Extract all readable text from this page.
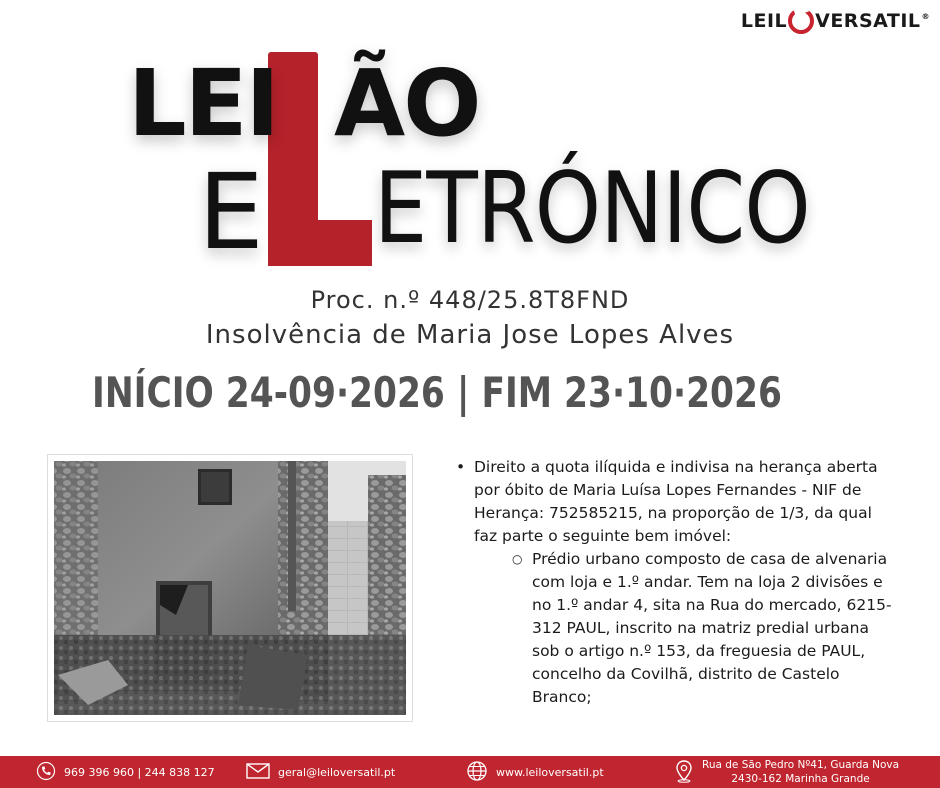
LEIL VERSATIL ®
LEI ÃO
E ETRÓNICO
Proc. n.º 448/25.8T8FND
Insolvência de Maria Jose Lopes Alves
INÍCIO 24-09·2026 | FIM 23·10·2026
• Direito a quota ilíquida e indivisa na herança aberta por óbito de Maria Luísa Lopes Fernandes - NIF de Herança: 752585215, na proporção de 1/3, da qual faz parte o seguinte bem imóvel:
○ Prédio urbano composto de casa de alvenaria com loja e 1.º andar. Tem na loja 2 divisões e no 1.º andar 4, sita na Rua do mercado, 6215-312 PAUL, inscrito na matriz predial urbana sob o artigo n.º 153, da freguesia de PAUL, concelho da Covilhã, distrito de Castelo Branco;
969 396 960 | 244 838 127	geral@leiloversatil.pt	www.leiloversatil.pt
Rua de São Pedro Nº41, Guarda Nova
2430-162 Marinha Grande
